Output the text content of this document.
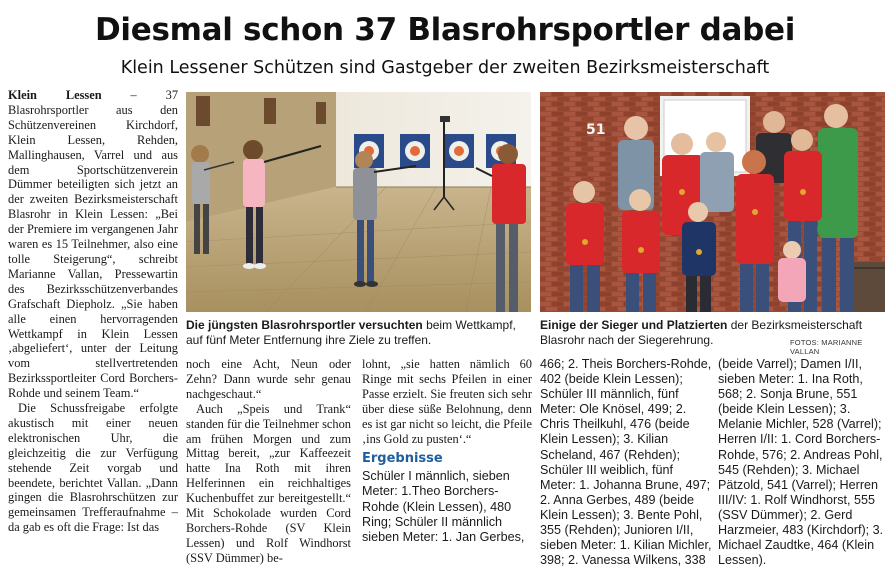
Diesmal schon 37 Blasrohrsportler dabei
Klein Lessener Schützen sind Gastgeber der zweiten Bezirksmeisterschaft

Klein Lessen – 37 Blasrohrsportler aus den Schützenvereinen Kirchdorf, Klein Lessen, Rehden, Mallinghausen, Varrel und aus dem Sportschützenverein Dümmer beteiligten sich jetzt an der zweiten Bezirksmeisterschaft Blasrohr in Klein Lessen: „Bei der Premiere im vergangenen Jahr waren es 15 Teilnehmer, also eine tolle Steigerung“, schreibt Marianne Vallan, Pressewartin des Bezirksschützenverbandes Grafschaft Diepholz. „Sie haben alle einen hervorragenden Wettkampf in Klein Lessen ‚abgeliefert‘, unter der Leitung vom stellvertretenden Bezirkssportleiter Cord Borchers-Rohde und seinem Team.“

Die Schussfreigabe erfolgte akustisch mit einer neuen elektronischen Uhr, die gleichzeitig die zur Verfügung stehende Zeit vorgab und beendete, berichtet Vallan. „Dann gingen die Blasrohrschützen zur gemeinsamen Trefferaufnahme – da gab es oft die Frage: Ist das

51
Die jüngsten Blasrohrsportler versuchten beim Wettkampf, auf fünf Meter Entfernung ihre Ziele zu treffen.
Einige der Sieger und Platzierten der Bezirksmeisterschaft Blasrohr nach der Siegerehrung.	FOTOS: MARIANNE VALLAN

noch eine Acht, Neun oder Zehn? Dann wurde sehr genau nachgeschaut.“

Auch „Speis und Trank“ standen für die Teilnehmer schon am frühen Morgen und zum Mittag bereit, „zur Kaffeezeit hatte Ina Roth mit ihren Helferinnen ein reichhaltiges Kuchenbuffet zur bereitgestellt.“ Mit Schokolade wurden Cord Borchers-Rohde (SV Klein Lessen) und Rolf Windhorst (SSV Dümmer) be-

lohnt, „sie hatten nämlich 60 Ringe mit sechs Pfeilen in einer Passe erzielt. Sie freuten sich sehr über diese süße Belohnung, denn es ist gar nicht so leicht, die Pfeile ‚ins Gold zu pusten‘.“

Ergebnisse

Schüler I männlich, sieben Meter: 1.Theo Borchers-Rohde (Klein Lessen), 480 Ring; Schüler II männlich sieben Meter: 1. Jan Gerbes,

466; 2. Theis Borchers-Rohde, 402 (beide Klein Lessen); Schüler III männlich, fünf Meter: Ole Knösel, 499; 2. Chris Theilkuhl, 476 (beide Klein Lessen); 3. Kilian Scheland, 467 (Rehden); Schüler III weiblich, fünf Meter: 1. Johanna Brune, 497; 2. Anna Gerbes, 489 (beide Klein Lessen); 3. Bente Pohl, 355 (Rehden); Junioren I/II, sieben Meter: 1. Kilian Michler, 398; 2. Vanessa Wilkens, 338

(beide Varrel); Damen I/II, sieben Meter: 1. Ina Roth, 568; 2. Sonja Brune, 551 (beide Klein Lessen); 3. Melanie Michler, 528 (Varrel); Herren I/II: 1. Cord Borchers-Rohde, 576; 2. Andreas Pohl, 545 (Rehden); 3. Michael Pätzold, 541 (Varrel); Herren III/IV: 1. Rolf Windhorst, 555 (SSV Dümmer); 2. Gerd Harzmeier, 483 (Kirchdorf); 3. Michael Zaudtke, 464 (Klein Lessen).
